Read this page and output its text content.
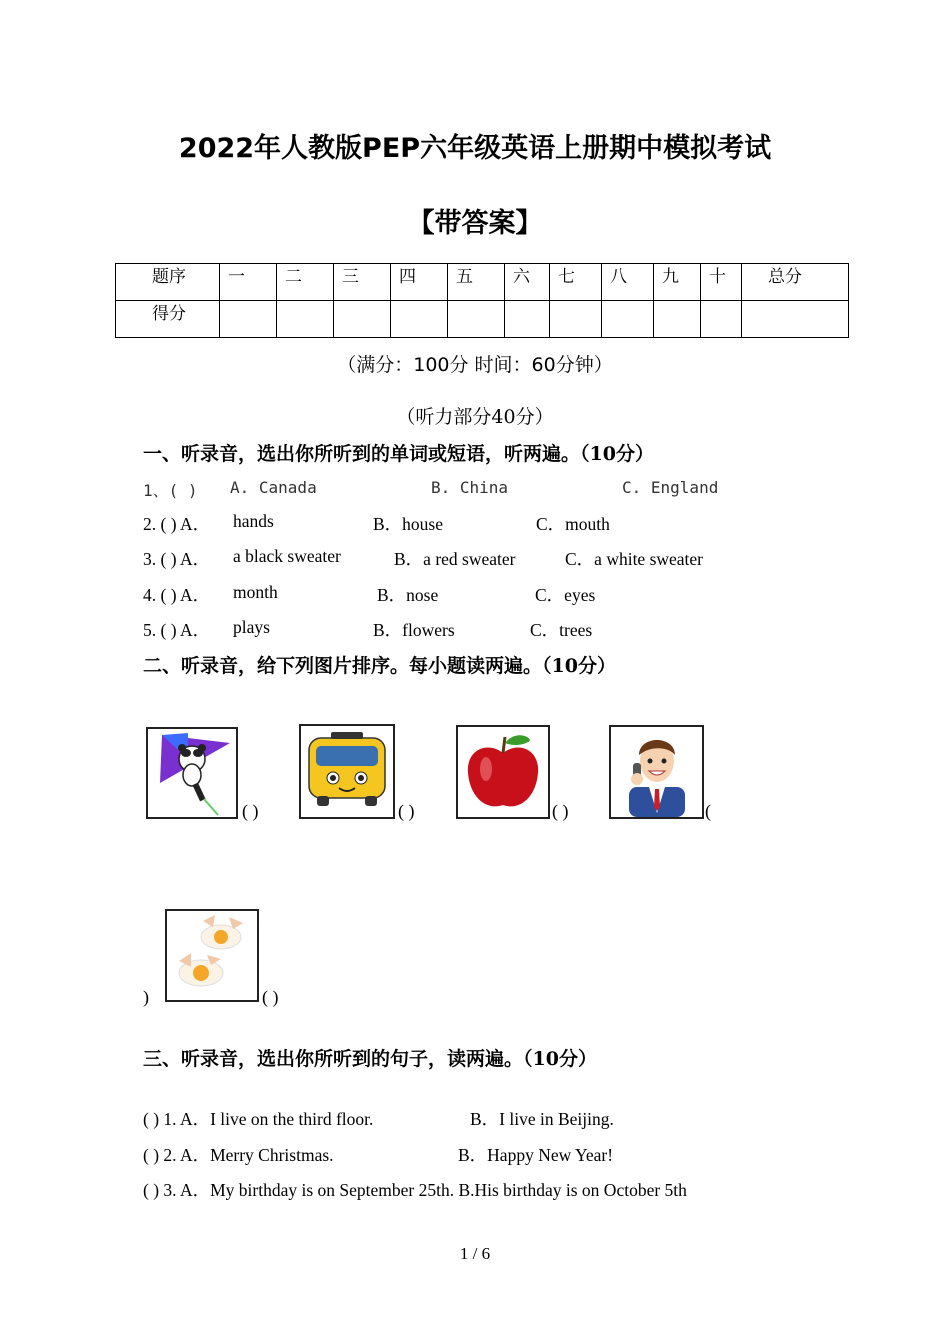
2022年人教版PEP六年级英语上册期中模拟考试
【带答案】
题序	一	二	三	四	五	六	七	八	九	十	总分
得分											
（满分：100分 时间：60分钟）
（听力部分40分）
一、听录音，选出你所听到的单词或短语，听两遍。（10分）
1、( ) A. Canada	B. China	C. England
2. ( ) A． hands	B．house	C．mouth
3. ( ) A． a black sweater	B．a red sweater	C．a white sweater
4. ( ) A． month	B．nose	C．eyes
5. ( ) A． plays	B．flowers	C．trees
二、听录音，给下列图片排序。每小题读两遍。（10分）
( )	( )	( )	(
)	( )
三、听录音，选出你所听到的句子，读两遍。（10分）
( ) 1. A．I live on the third floor.	B．I live in Beijing.
( ) 2. A．Merry Christmas.	B．Happy New Year!
( ) 3. A．My birthday is on September 25th. B.His birthday is on October 5th
1 / 6
